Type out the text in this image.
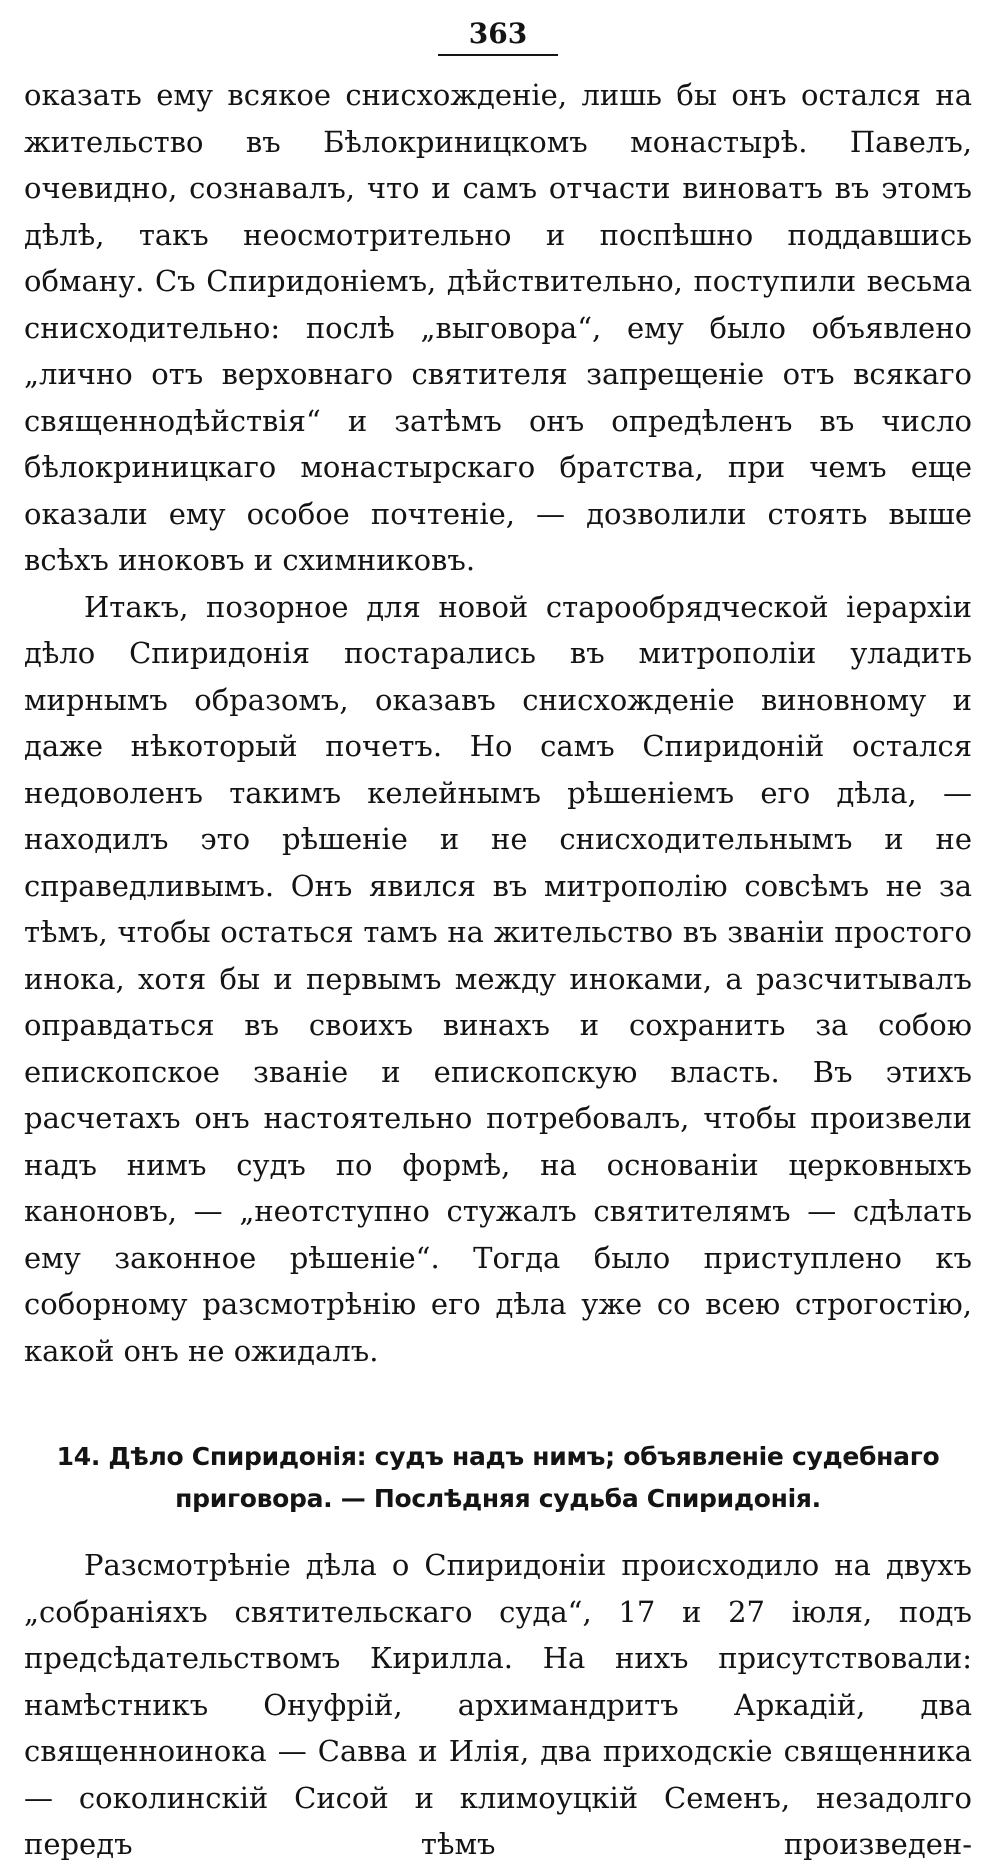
363

оказать ему всякое снисхожденіе, лишь бы онъ остался на жительство въ Бѣлокриницкомъ монастырѣ. Павелъ, очевидно, сознавалъ, что и самъ отчасти виноватъ въ этомъ дѣлѣ, такъ неосмотрительно и поспѣшно поддавшись обману. Съ Спиридоніемъ, дѣйствительно, поступили весьма снисходительно: послѣ „выговора“, ему было объявлено „лично отъ верховнаго святителя запрещеніе отъ всякаго священнодѣйствія“ и затѣмъ онъ опредѣленъ въ число бѣлокриницкаго монастырскаго братства, при чемъ еще оказали ему особое почтеніе, — дозволили стоять выше всѣхъ иноковъ и схимниковъ.

Итакъ, позорное для новой старообрядческой іерархіи дѣло Спиридонія постарались въ митрополіи уладить мирнымъ образомъ, оказавъ снисхожденіе виновному и даже нѣкоторый почетъ. Но самъ Спиридоній остался недоволенъ такимъ келейнымъ рѣшеніемъ его дѣла, — находилъ это рѣшеніе и не снисходительнымъ и не справедливымъ. Онъ явился въ митрополію совсѣмъ не за тѣмъ, чтобы остаться тамъ на жительство въ званіи простого инока, хотя бы и первымъ между иноками, а разсчитывалъ оправдаться въ своихъ винахъ и сохранить за собою епископское званіе и епископскую власть. Въ этихъ расчетахъ онъ настоятельно потребовалъ, чтобы произвели надъ нимъ судъ по формѣ, на основаніи церковныхъ каноновъ, — „неотступно стужалъ святителямъ — сдѣлать ему законное рѣшеніе“. Тогда было приступлено къ соборному разсмотрѣнію его дѣла уже со всею строгостію, какой онъ не ожидалъ.

14. Дѣло Спиридонія: судъ надъ нимъ; объявленіе судебнаго
приговора. — Послѣдняя судьба Спиридонія.

Разсмотрѣніе дѣла о Спиридоніи происходило на двухъ „собраніяхъ святительскаго суда“, 17 и 27 іюля, подъ предсѣдательствомъ Кирилла. На нихъ присутствовали: намѣстникъ Онуфрій, архимандритъ Аркадій, два священноинока — Савва и Илія, два приходскіе священника — соколинскій Сисой и климоуцкій Семенъ, незадолго передъ тѣмъ произведен-
